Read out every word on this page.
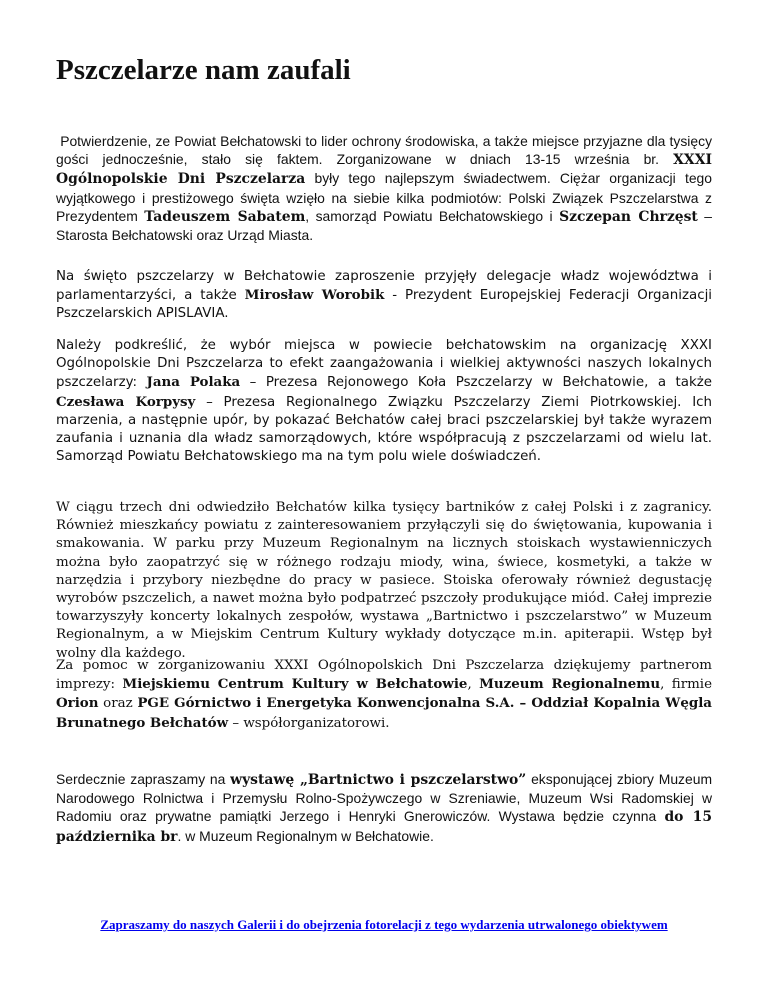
Pszczelarze nam zaufali
Potwierdzenie, ze Powiat Bełchatowski to lider ochrony środowiska, a także miejsce przyjazne dla tysięcy gości jednocześnie, stało się faktem. Zorganizowane w dniach 13-15 września br. XXXI Ogólnopolskie Dni Pszczelarza były tego najlepszym świadectwem. Ciężar organizacji tego wyjątkowego i prestiżowego święta wzięło na siebie kilka podmiotów: Polski Związek Pszczelarstwa z Prezydentem Tadeuszem Sabatem, samorząd Powiatu Bełchatowskiego i Szczepan Chrzęst – Starosta Bełchatowski oraz Urząd Miasta.
Na święto pszczelarzy w Bełchatowie zaproszenie przyjęły delegacje władz województwa i parlamentarzyści, a także Mirosław Worobik - Prezydent Europejskiej Federacji Organizacji Pszczelarskich APISLAVIA.
Należy podkreślić, że wybór miejsca w powiecie bełchatowskim na organizację XXXI Ogólnopolskie Dni Pszczelarza to efekt zaangażowania i wielkiej aktywności naszych lokalnych pszczelarzy: Jana Polaka – Prezesa Rejonowego Koła Pszczelarzy w Bełchatowie, a także Czesława Korpysy – Prezesa Regionalnego Związku Pszczelarzy Ziemi Piotrkowskiej. Ich marzenia, a następnie upór, by pokazać Bełchatów całej braci pszczelarskiej był także wyrazem zaufania i uznania dla władz samorządowych, które współpracują z pszczelarzami od wielu lat. Samorząd Powiatu Bełchatowskiego ma na tym polu wiele doświadczeń.
W ciągu trzech dni odwiedziło Bełchatów kilka tysięcy bartników z całej Polski i z zagranicy. Również mieszkańcy powiatu z zainteresowaniem przyłączyli się do świętowania, kupowania i smakowania. W parku przy Muzeum Regionalnym na licznych stoiskach wystawienniczych można było zaopatrzyć się w różnego rodzaju miody, wina, świece, kosmetyki, a także w narzędzia i przybory niezbędne do pracy w pasiece. Stoiska oferowały również degustację wyrobów pszczelich, a nawet można było podpatrzeć pszczoły produkujące miód. Całej imprezie towarzyszyły koncerty lokalnych zespołów, wystawa „Bartnictwo i pszczelarstwo” w Muzeum Regionalnym, a w Miejskim Centrum Kultury wykłady dotyczące m.in. apiterapii. Wstęp był wolny dla każdego.
Za pomoc w zorganizowaniu XXXI Ogólnopolskich Dni Pszczelarza dziękujemy partnerom imprezy: Miejskiemu Centrum Kultury w Bełchatowie, Muzeum Regionalnemu, firmie Orion oraz PGE Górnictwo i Energetyka Konwencjonalna S.A. – Oddział Kopalnia Węgla Brunatnego Bełchatów – współorganizatorowi.
Serdecznie zapraszamy na wystawę „Bartnictwo i pszczelarstwo” eksponującej zbiory Muzeum Narodowego Rolnictwa i Przemysłu Rolno-Spożywczego w Szreniawie, Muzeum Wsi Radomskiej w Radomiu oraz prywatne pamiątki Jerzego i Henryki Gnerowiczów. Wystawa będzie czynna do 15 października br. w Muzeum Regionalnym w Bełchatowie.
Zapraszamy do naszych Galerii i do obejrzenia fotorelacji z tego wydarzenia utrwalonego obiektywem
